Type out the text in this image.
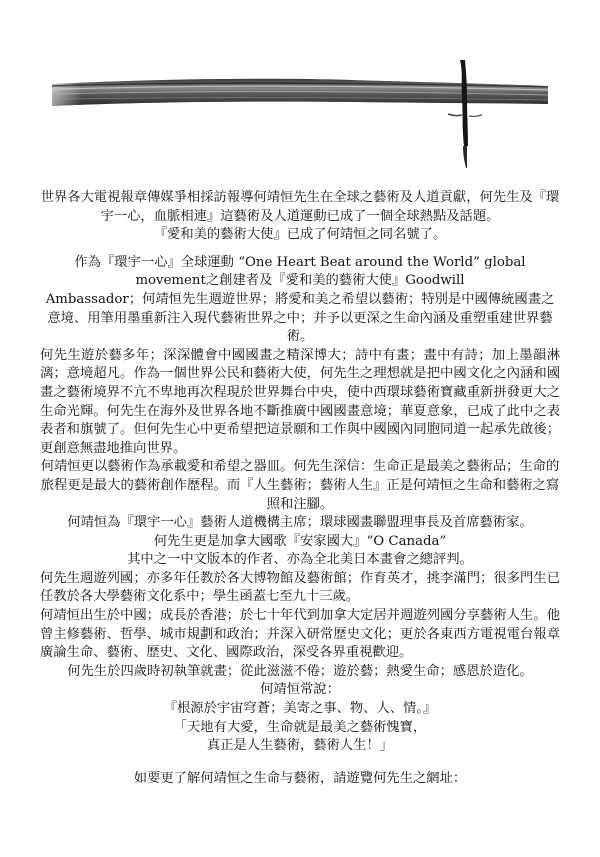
世界各大電視報章傳媒爭相採訪報導何靖恒先生在全球之藝術及人道貢獻，何先生及『環宇一心，血脈相連』這藝術及人道運動已成了一個全球熱點及話題。

『愛和美的藝術大使』已成了何靖恒之同名號了。

作為『環宇一心』全球運動 “One Heart Beat around the World” global movement之創建者及『愛和美的藝術大使』Goodwill

Ambassador；何靖恒先生週遊世界；將愛和美之希望以藝術；特別是中國傳統國畫之意境、用筆用墨重新注入現代藝術世界之中；并予以更深之生命內涵及重塑重建世界藝術。

何先生遊於藝多年；深深體會中國國畫之精深博大；詩中有畫；畫中有詩；加上墨韻淋漓；意境超凡。作為一個世界公民和藝術大使，何先生之理想就是把中國文化之內涵和國畫之藝術境界不亢不卑地再次程現於世界舞台中央，使中西環球藝術寶藏重新拼發更大之生命光輝。何先生在海外及世界各地不斷推廣中國國畫意境；華夏意象，已成了此中之表表者和旗號了。但何先生心中更希望把這景願和工作與中國國內同胞同道一起承先啟後；更創意無盡地推向世界。

何靖恒更以藝術作為承載愛和希望之器皿。何先生深信：生命正是最美之藝術品；生命的旅程更是最大的藝術創作歷程。而『人生藝術；藝術人生』正是何靖恒之生命和藝術之寫照和注腳。

何靖恒為『環宇一心』藝術人道機構主席；環球國畫聯盟理事長及首席藝術家。

何先生更是加拿大國歌『安家國大』“O Canada”

其中之一中文版本的作者、亦為全北美日本畫會之總評判。

何先生週遊列國；亦多年任教於各大博物館及藝術館；作育英才，挑李滿門；很多門生已任教於各大學藝術文化系中；學生函蓋七至九十三歲。

何靖恒出生於中國；成長於香港；於七十年代到加拿大定居并週遊列國分享藝術人生。他曾主修藝術、哲學、城市規劃和政治；并深入研常歷史文化；更於各東西方電視電台報章廣論生命、藝術、歷史、文化、國際政治，深受各界重視歡迎。

何先生於四歲時初執筆就畫；從此滋滋不倦；遊於藝；熱愛生命；感恩於造化。

何靖恒常說：

『根源於宇宙穹蒼；美寄之事、物、人、情。』

「天地有大愛，生命就是最美之藝術愧寶，

真正是人生藝術，藝術人生！」

如要更了解何靖恒之生命与藝術，請遊覽何先生之網址：
